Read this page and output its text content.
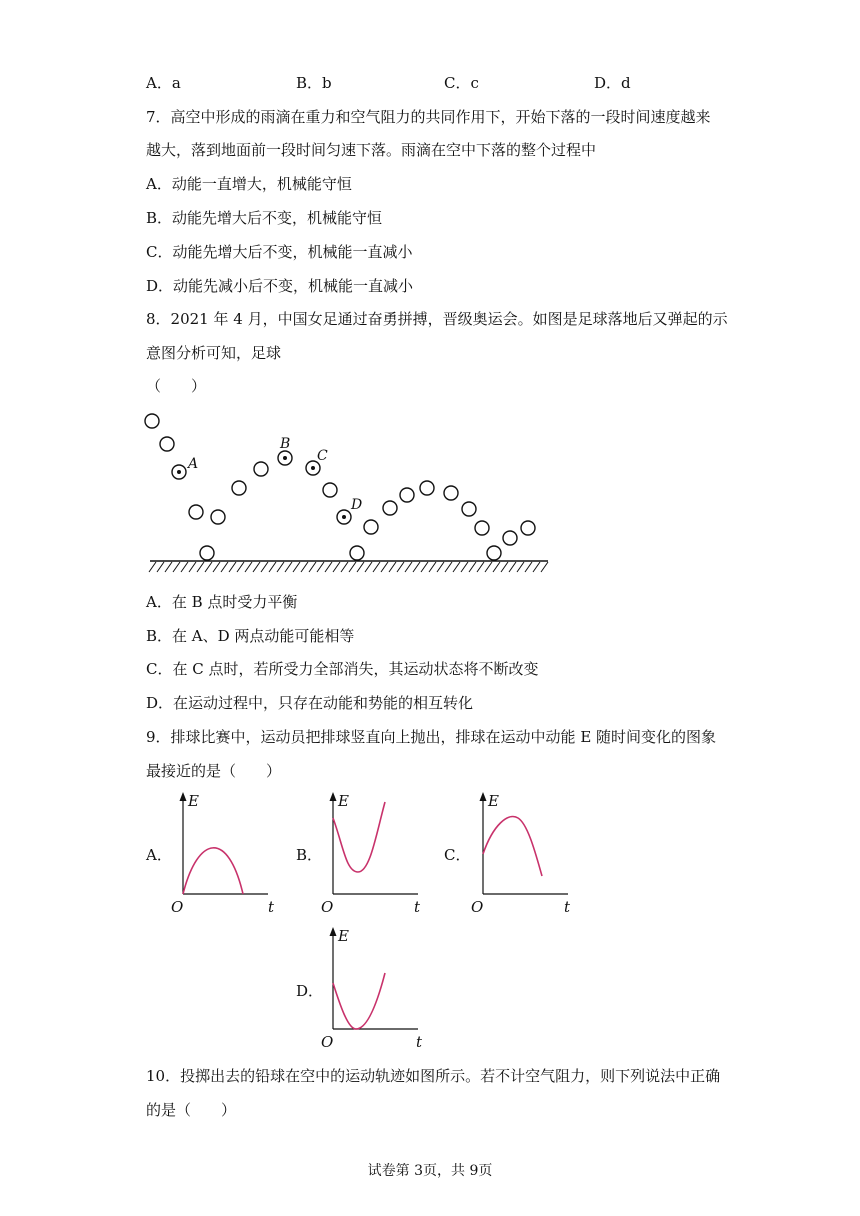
A．a	B．b	C．c	D．d
7．高空中形成的雨滴在重力和空气阻力的共同作用下，开始下落的一段时间速度越来
越大，落到地面前一段时间匀速下落。雨滴在空中下落的整个过程中
A．动能一直增大，机械能守恒
B．动能先增大后不变，机械能守恒
C．动能先增大后不变，机械能一直减小
D．动能先减小后不变，机械能一直减小
8．2021 年 4 月，中国女足通过奋勇拼搏，晋级奥运会。如图是足球落地后又弹起的示
意图分析可知，足球
（　　）
A
B
C
D
A．在 B 点时受力平衡
B．在 A、D 两点动能可能相等
C．在 C 点时，若所受力全部消失，其运动状态将不断改变
D．在运动过程中，只存在动能和势能的相互转化
9．排球比赛中，运动员把排球竖直向上抛出，排球在运动中动能 E 随时间变化的图象
最接近的是（　　）
A．	B．	C．
D．
E
O	t
E
O	t
E
O	t
E
O	t
10．投掷出去的铅球在空中的运动轨迹如图所示。若不计空气阻力，则下列说法中正确
的是（　　）
试卷第 3页，共 9页
